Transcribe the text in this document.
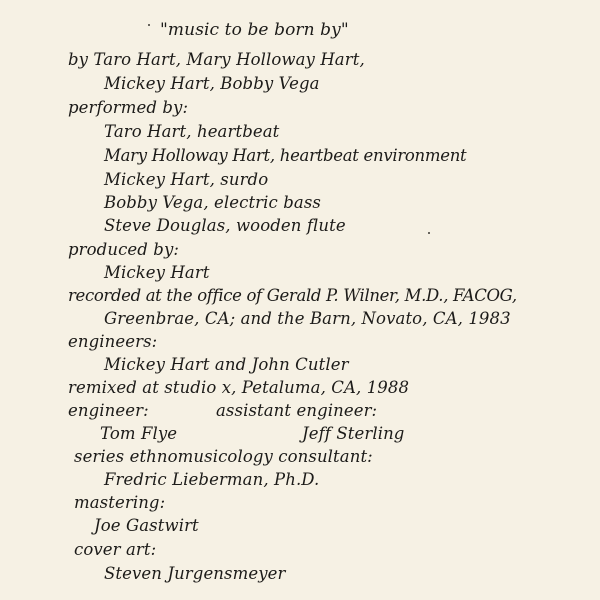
"music to be born by"
by Taro Hart, Mary Holloway Hart,
Mickey Hart, Bobby Vega
performed by:
Taro Hart, heartbeat
Mary Holloway Hart, heartbeat environment
Mickey Hart, surdo
Bobby Vega, electric bass
Steve Douglas, wooden flute
produced by:
Mickey Hart
recorded at the office of Gerald P. Wilner, M.D., FACOG,
Greenbrae, CA; and the Barn, Novato, CA, 1983
engineers:
Mickey Hart and John Cutler
remixed at studio x, Petaluma, CA, 1988
engineer:	assistant engineer:
Tom Flye	Jeff Sterling
series ethnomusicology consultant:
Fredric Lieberman, Ph.D.
mastering:
Joe Gastwirt
cover art:
Steven Jurgensmeyer
